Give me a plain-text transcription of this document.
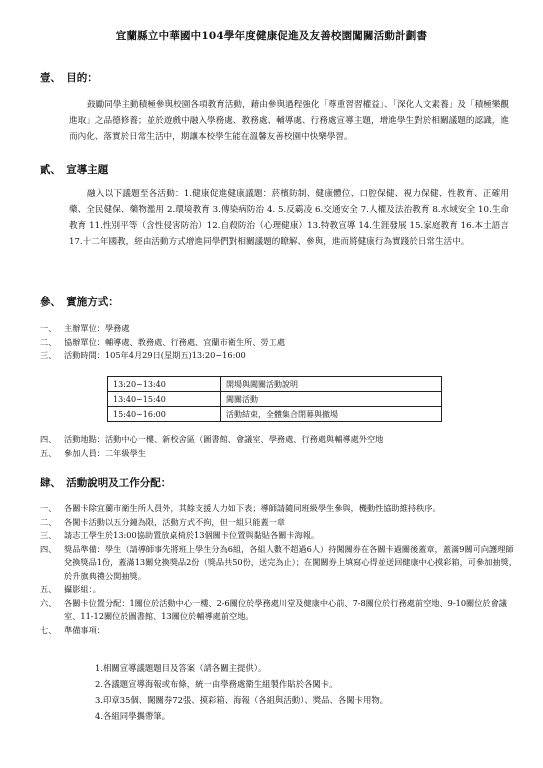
宜蘭縣立中華國中104學年度健康促進及友善校園闖關活動計劃書
壹、　目的：
鼓勵同學主動積極參與校園各項教育活動，藉由參與過程強化「尊重習習權益」、「深化人文素養」及「積極樂觀進取」之品德修養；並於遊戲中融入學務處、教務處、輔導處、行務處宣導主題，增進學生對於相關議題的認識，進而內化、落實於日常生活中，期讓本校學生能在溫馨友善校園中快樂學習。
貳、　宣導主題
融入以下議題至各活動：1.健康促進健康議題：菸檳防制、健康體位、口腔保健、視力保健、性教育、正確用藥、全民健保、藥物濫用 2.環境教育 3.傳染病防治 4. 5.反霸凌 6.交通安全 7.人權及法治教育 8.水域安全 10.生命教育 11.性別平等（含性侵害防治）12.自殺防治（心理健康）13.特教宣導 14.生涯發展 15.家庭教育 16.本土語言 17.十二年國教，經由活動方式增進同學們對相關議題的瞭解、參與，進而將健康行為實踐於日常生活中。
參、　實施方式：
一、 主辦單位：學務處
二、 協辦單位：輔導處、教務處、行務處、宜蘭市衛生所、勞工處
三、 活動時間：105年4月29日(星期五)13:20~16:00
13:20~13:40	開場與闖關活動說明
13:40~15:40	闖關活動
15:40~16:00	活動結束，全體集合閉幕與撤場
四、 活動地點：活動中心一樓、新校舍區（圖書館、會議室、學務處、行務處與輔導處外空地
五、 參加人員：二年級學生
肆、　活動說明及工作分配：
一、 各關卡除宜蘭市衛生所人員外，其餘支援人力如下表；導師請隨同班級學生參與，機動性協助維持秩序。
二、 各闖卡活動以五分鐘為限，活動方式不拘，但一組只能蓋一章
三、 請志工學生於13:00協助置放桌椅於13個關卡位置與黏貼各關卡海報。
四、 獎品準備：學生（請導師事先將班上學生分為6組，各組人數不超過6人）持闖關券在各關卡過關後蓋章，蓋滿9關可向護理師兌換獎品1份，蓋滿13關兌換獎品2份（獎品共50份，送完為止）；在闖關券上填寫心得並送回健康中心摸彩箱，可參加抽獎，於升旗典禮公開抽獎。
五、 攝影組：。
六、 各關卡位置分配：1關位於活動中心一樓、2-6關位於學務處川堂及健康中心前、7-8關位於行務處前空地、9-10關位於會議室、11-12關位於圖書館、13關位於輔導處前空地。
七、 準備事項：
1.相關宣導議題題目及答案（請各關主提供）。
2.各議題宣導海報或布條，統一由學務處衛生組製作貼於各闖卡。
3.印章35個、闖關券72張、摸彩箱、海報（各組與活動）、獎品、各闖卡用物。
4.各組同學攜帶筆。
